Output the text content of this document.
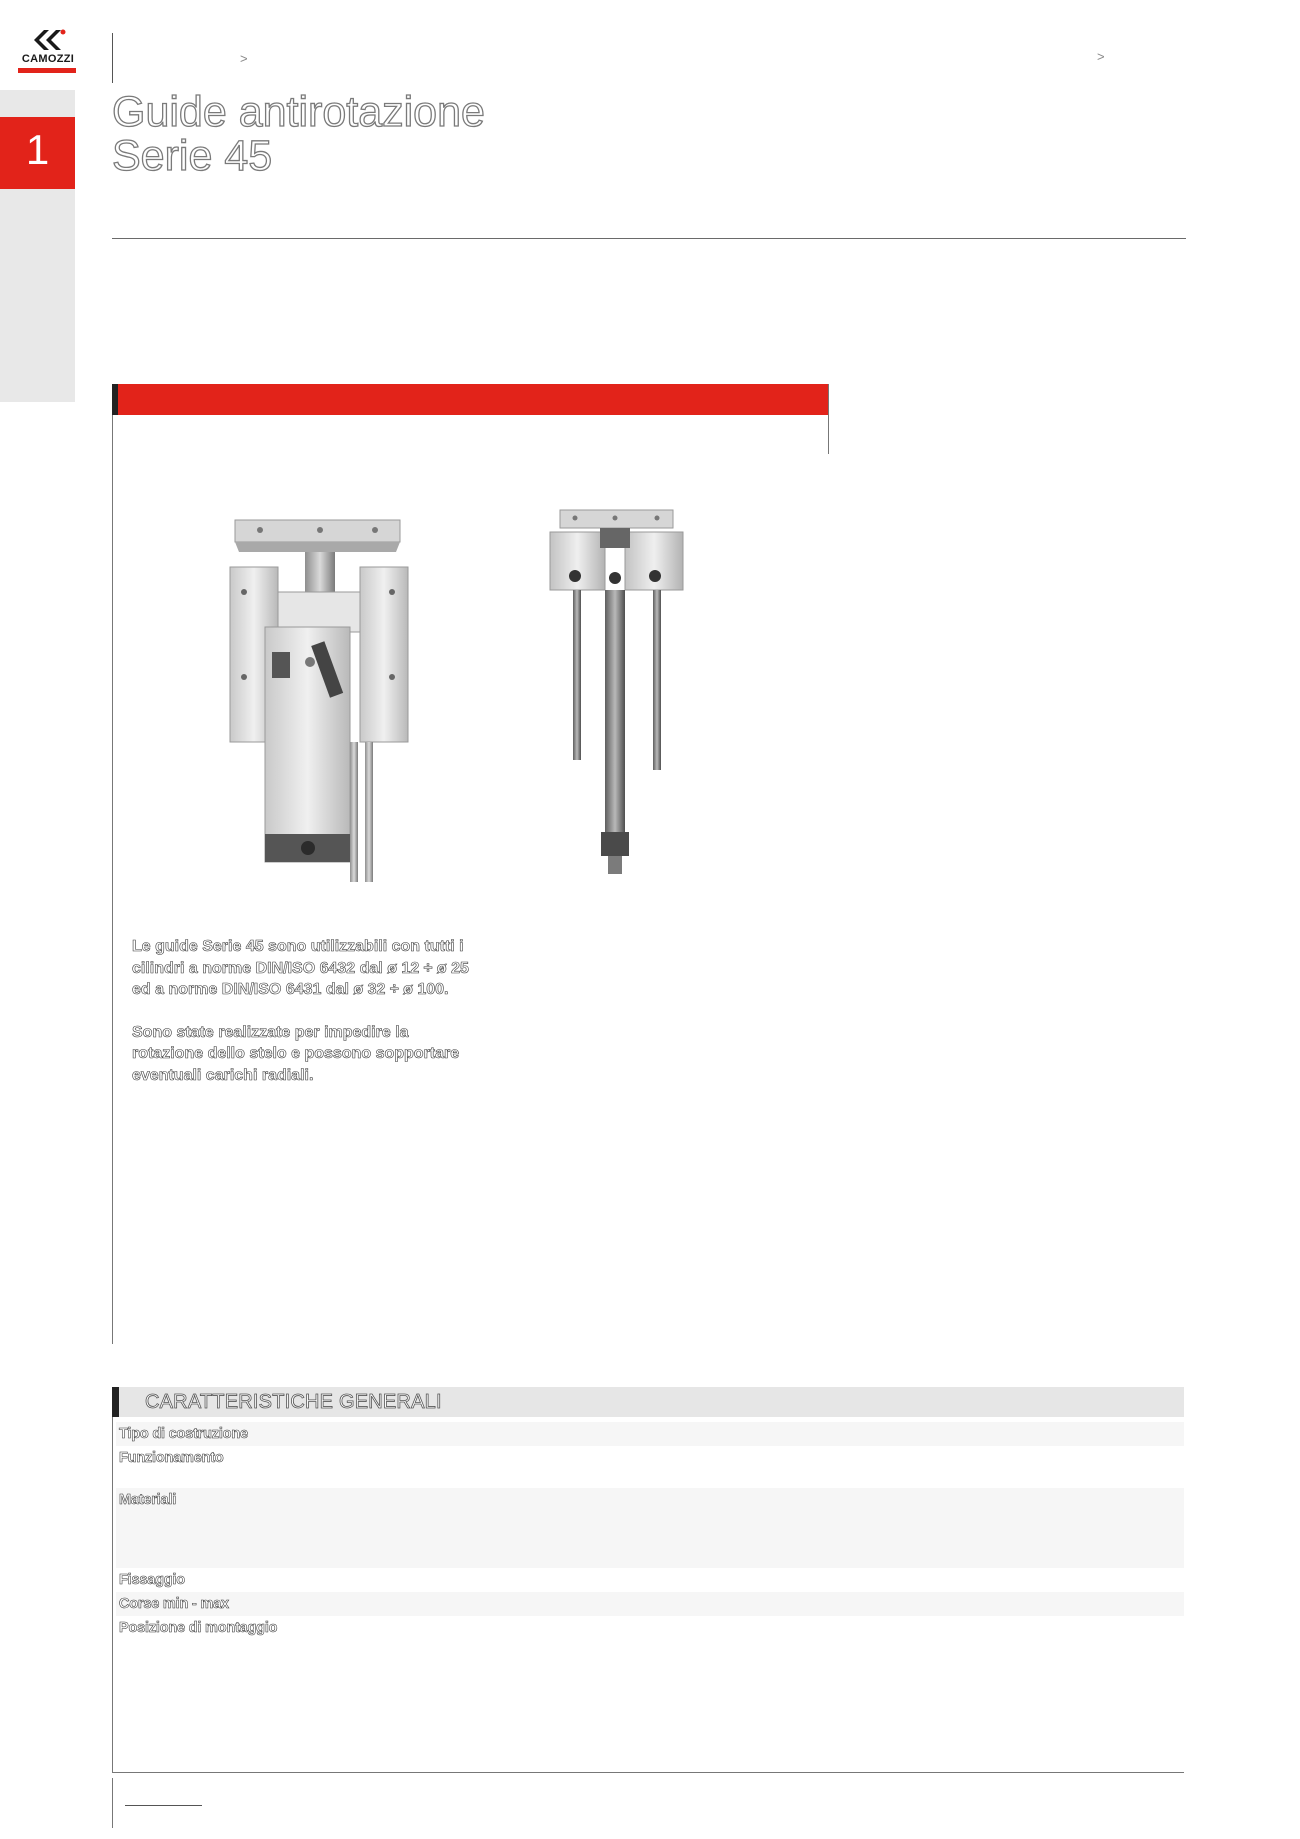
CAMOZZI	>	>
1
Guide antirotazione
Serie 45

Le guide Serie 45 sono utilizzabili con tutti i cilindri a norme DIN/ISO 6432 dal ø 12 ÷ ø 25 ed a norme DIN/ISO 6431 dal ø 32 ÷ ø 100.

Sono state realizzate per impedire la rotazione dello stelo e possono sopportare eventuali carichi radiali.

CARATTERISTICHE GENERALI
Tipo di costruzione
Funzionamento
Materiali
Fissaggio
Corse min - max
Posizione di montaggio
